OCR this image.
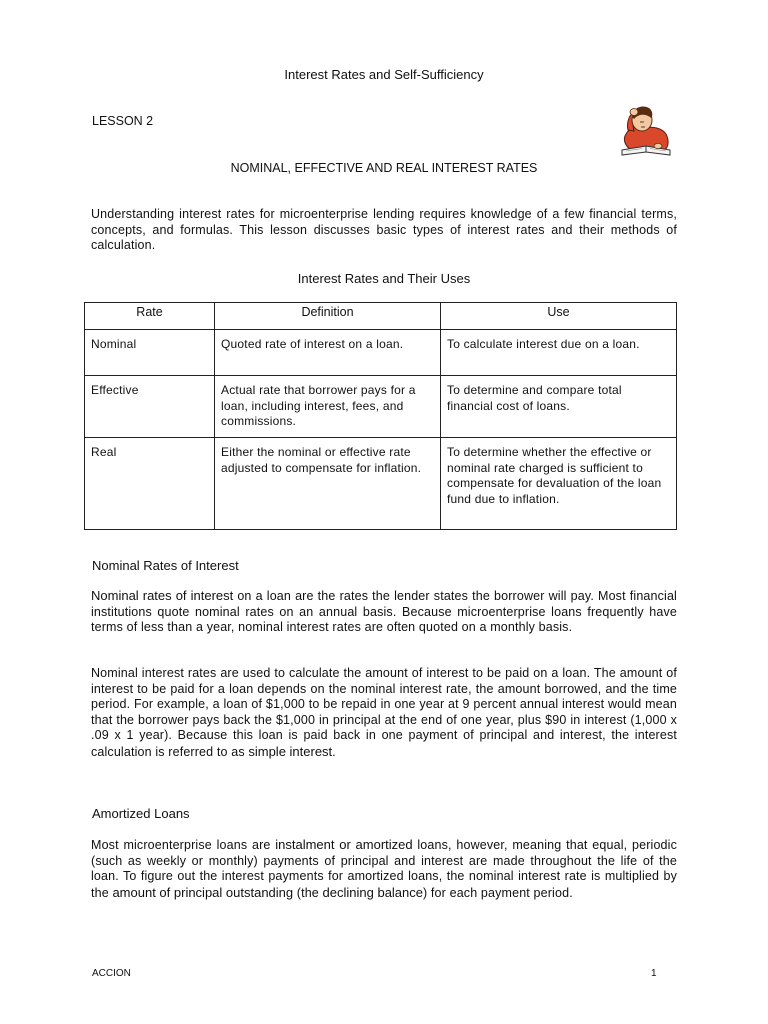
Interest Rates and Self-Sufficiency
LESSON 2
NOMINAL, EFFECTIVE AND REAL INTEREST RATES

Understanding interest rates for microenterprise lending requires knowledge of a few financial terms, concepts, and formulas. This lesson discusses basic types of interest rates and their methods of calculation.

Interest Rates and Their Uses
Rate	Definition	Use
Nominal	Quoted rate of interest on a loan.	To calculate interest due on a loan.
Effective	Actual rate that borrower pays for a loan, including interest, fees, and commissions.	To determine and compare total financial cost of loans.
Real	Either the nominal or effective rate adjusted to compensate for inflation.	To determine whether the effective or nominal rate charged is sufficient to compensate for devaluation of the loan fund due to inflation.
Nominal Rates of Interest

Nominal rates of interest on a loan are the rates the lender states the borrower will pay. Most financial institutions quote nominal rates on an annual basis. Because microenterprise loans frequently have terms of less than a year, nominal interest rates are often quoted on a monthly basis.

Nominal interest rates are used to calculate the amount of interest to be paid on a loan. The amount of interest to be paid for a loan depends on the nominal interest rate, the amount borrowed, and the time period. For example, a loan of $1,000 to be repaid in one year at 9 percent annual interest would mean that the borrower pays back the $1,000 in principal at the end of one year, plus $90 in interest (1,000 x .09 x 1 year). Because this loan is paid back in one payment of principal and interest, the interest calculation is referred to as simple interest.

Amortized Loans

Most microenterprise loans are instalment or amortized loans, however, meaning that equal, periodic (such as weekly or monthly) payments of principal and interest are made throughout the life of the loan. To figure out the interest payments for amortized loans, the nominal interest rate is multiplied by the amount of principal outstanding (the declining balance) for each payment period.

ACCION	1
